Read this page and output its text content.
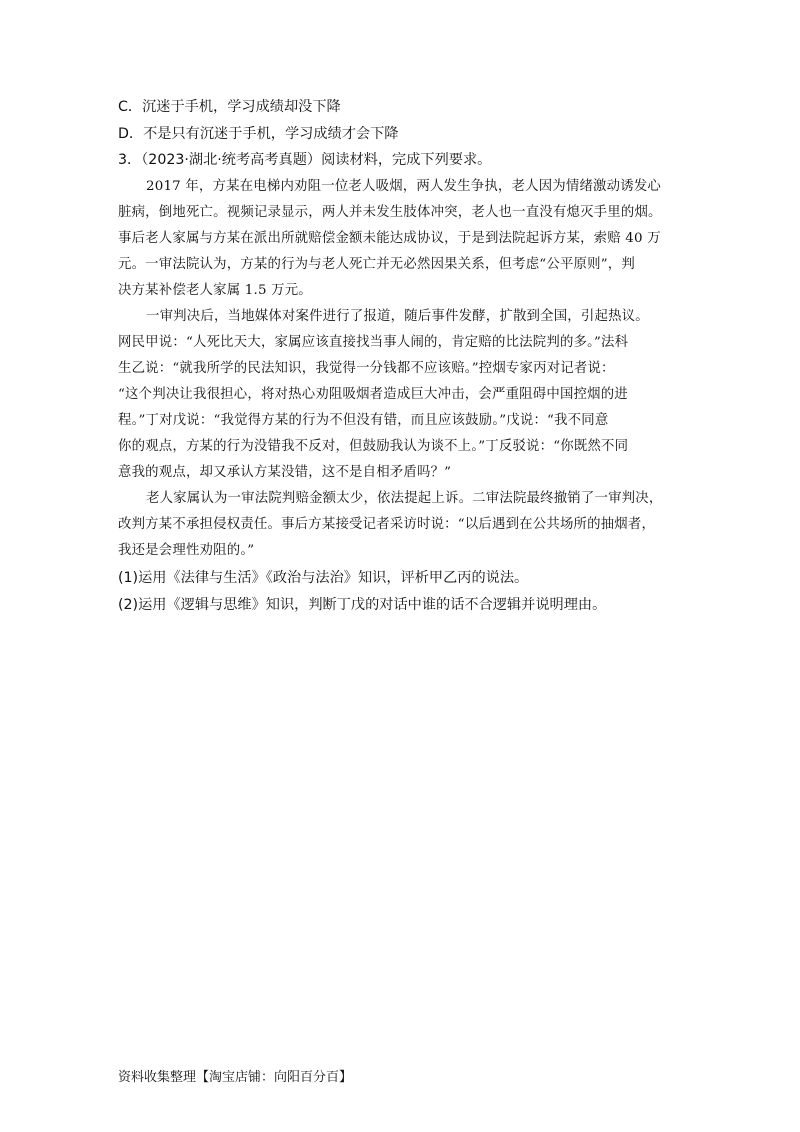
C．沉迷于手机，学习成绩却没下降
D．不是只有沉迷于手机，学习成绩才会下降
3．（2023·湖北·统考高考真题）阅读材料，完成下列要求。
2017 年，方某在电梯内劝阻一位老人吸烟，两人发生争执，老人因为情绪激动诱发心
脏病，倒地死亡。视频记录显示，两人并未发生肢体冲突，老人也一直没有熄灭手里的烟。
事后老人家属与方某在派出所就赔偿金额未能达成协议，于是到法院起诉方某，索赔 40 万
元。一审法院认为，方某的行为与老人死亡并无必然因果关系，但考虑“公平原则”，判
决方某补偿老人家属 1.5 万元。
一审判决后，当地媒体对案件进行了报道，随后事件发酵，扩散到全国，引起热议。
网民甲说：“人死比天大，家属应该直接找当事人闹的，肯定赔的比法院判的多。”法科
生乙说：“就我所学的民法知识，我觉得一分钱都不应该赔。”控烟专家丙对记者说：
“这个判决让我很担心，将对热心劝阻吸烟者造成巨大冲击，会严重阻碍中国控烟的进
程。”丁对戊说：“我觉得方某的行为不但没有错，而且应该鼓励。”戊说：“我不同意
你的观点，方某的行为没错我不反对，但鼓励我认为谈不上。”丁反驳说：“你既然不同
意我的观点，却又承认方某没错，这不是自相矛盾吗？”
老人家属认为一审法院判赔金额太少，依法提起上诉。二审法院最终撤销了一审判决，
改判方某不承担侵权责任。事后方某接受记者采访时说：“以后遇到在公共场所的抽烟者，
我还是会理性劝阻的。”
(1)运用《法律与生活》《政治与法治》知识，评析甲乙丙的说法。
(2)运用《逻辑与思维》知识，判断丁戊的对话中谁的话不合逻辑并说明理由。
资料收集整理【淘宝店铺：向阳百分百】
